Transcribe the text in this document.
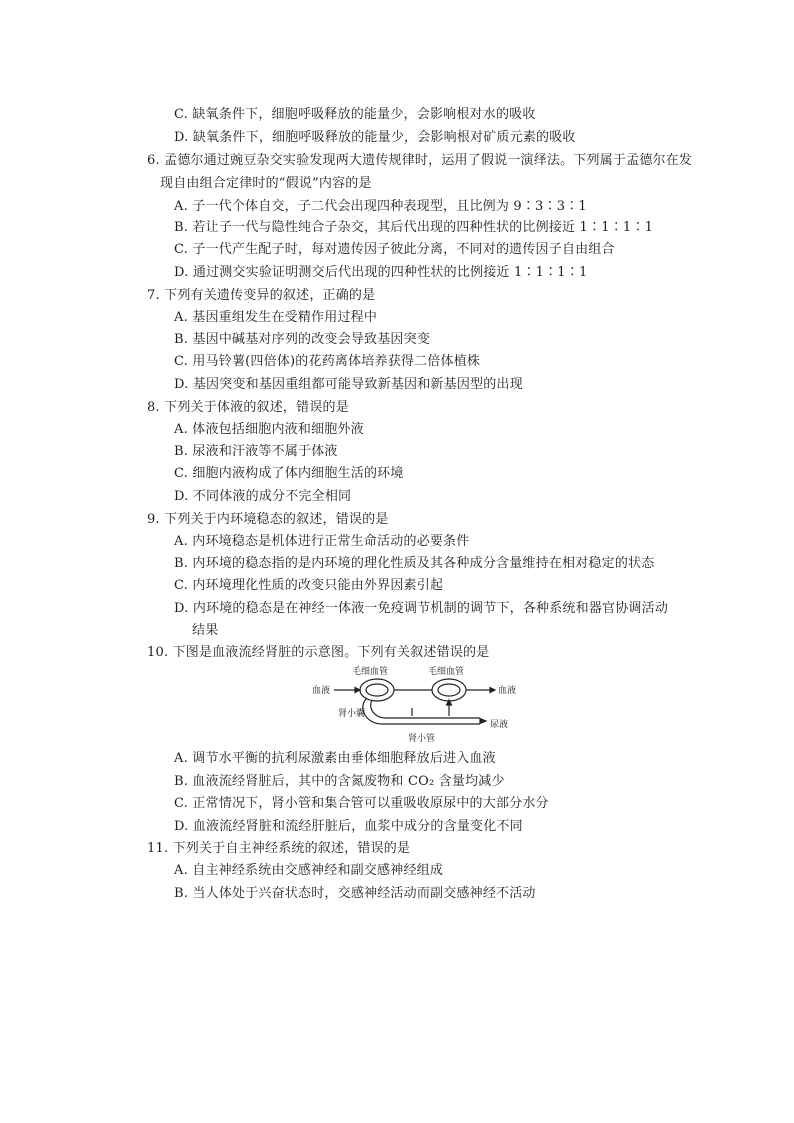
C. 缺氧条件下，细胞呼吸释放的能量少，会影响根对水的吸收
D. 缺氧条件下，细胞呼吸释放的能量少，会影响根对矿质元素的吸收
6. 孟德尔通过豌豆杂交实验发现两大遗传规律时，运用了假说一演绎法。下列属于孟德尔在发
现自由组合定律时的“假说”内容的是
A. 子一代个体自交，子二代会出现四种表现型，且比例为 9∶3∶3∶1
B. 若让子一代与隐性纯合子杂交，其后代出现的四种性状的比例接近 1∶1∶1∶1
C. 子一代产生配子时，每对遗传因子彼此分离，不同对的遗传因子自由组合
D. 通过测交实验证明测交后代出现的四种性状的比例接近 1∶1∶1∶1
7. 下列有关遗传变异的叙述，正确的是
A. 基因重组发生在受精作用过程中
B. 基因中碱基对序列的改变会导致基因突变
C. 用马铃薯(四倍体)的花药离体培养获得二倍体植株
D. 基因突变和基因重组都可能导致新基因和新基因型的出现
8. 下列关于体液的叙述，错误的是
A. 体液包括细胞内液和细胞外液
B. 尿液和汗液等不属于体液
C. 细胞内液构成了体内细胞生活的环境
D. 不同体液的成分不完全相同
9. 下列关于内环境稳态的叙述，错误的是
A. 内环境稳态是机体进行正常生命活动的必要条件
B. 内环境的稳态指的是内环境的理化性质及其各种成分含量维持在相对稳定的状态
C. 内环境理化性质的改变只能由外界因素引起
D. 内环境的稳态是在神经一体液一免疫调节机制的调节下，各种系统和器官协调活动
结果
10. 下图是血液流经肾脏的示意图。下列有关叙述错误的是
毛细血管	毛细血管
血液	血液
肾小囊
尿液
肾小管
A. 调节水平衡的抗利尿激素由垂体细胞释放后进入血液
B. 血液流经肾脏后，其中的含氮废物和 CO₂ 含量均减少
C. 正常情况下，肾小管和集合管可以重吸收原尿中的大部分水分
D. 血液流经肾脏和流经肝脏后，血浆中成分的含量变化不同
11. 下列关于自主神经系统的叙述，错误的是
A. 自主神经系统由交感神经和副交感神经组成
B. 当人体处于兴奋状态时，交感神经活动而副交感神经不活动
